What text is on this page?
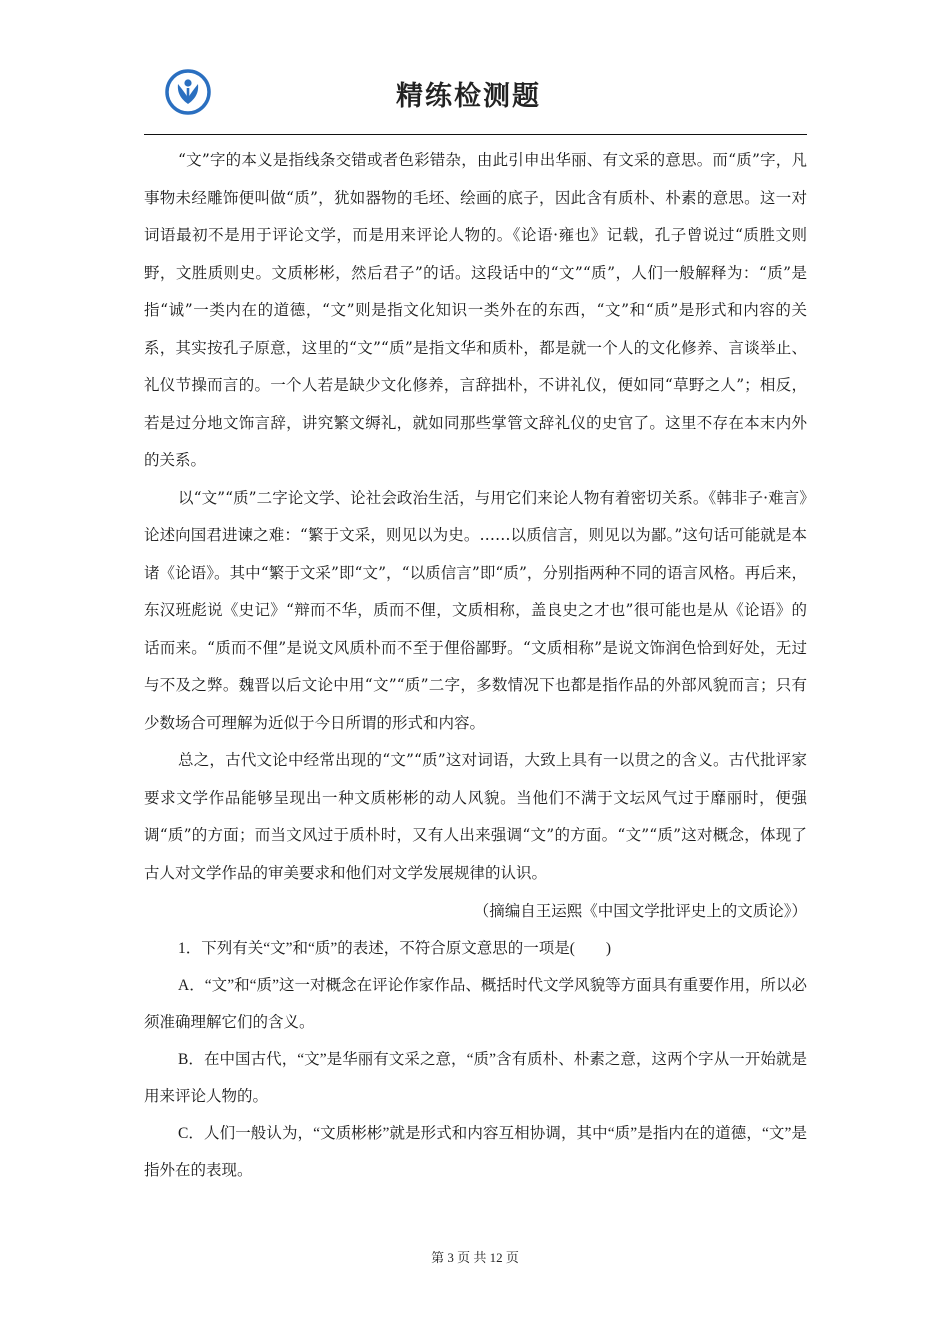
精练检测题

“文”字的本义是指线条交错或者色彩错杂，由此引申出华丽、有文采的意思。而“质”字，凡事物未经雕饰便叫做“质”，犹如器物的毛坯、绘画的底子，因此含有质朴、朴素的意思。这一对词语最初不是用于评论文学，而是用来评论人物的。《论语·雍也》记载，孔子曾说过“质胜文则野，文胜质则史。文质彬彬，然后君子”的话。这段话中的“文”“质”，人们一般解释为：“质”是指“诚”一类内在的道德，“文”则是指文化知识一类外在的东西，“文”和“质”是形式和内容的关系，其实按孔子原意，这里的“文”“质”是指文华和质朴，都是就一个人的文化修养、言谈举止、礼仪节操而言的。一个人若是缺少文化修养，言辞拙朴，不讲礼仪，便如同“草野之人”；相反，若是过分地文饰言辞，讲究繁文缛礼，就如同那些掌管文辞礼仪的史官了。这里不存在本末内外的关系。

以“文”“质”二字论文学、论社会政治生活，与用它们来论人物有着密切关系。《韩非子·难言》论述向国君进谏之难：“繁于文采，则见以为史。……以质信言，则见以为鄙。”这句话可能就是本诸《论语》。其中“繁于文采”即“文”，“以质信言”即“质”，分别指两种不同的语言风格。再后来，东汉班彪说《史记》“辩而不华，质而不俚，文质相称，盖良史之才也”很可能也是从《论语》的话而来。“质而不俚”是说文风质朴而不至于俚俗鄙野。“文质相称”是说文饰润色恰到好处，无过与不及之弊。魏晋以后文论中用“文”“质”二字，多数情况下也都是指作品的外部风貌而言；只有少数场合可理解为近似于今日所谓的形式和内容。

总之，古代文论中经常出现的“文”“质”这对词语，大致上具有一以贯之的含义。古代批评家要求文学作品能够呈现出一种文质彬彬的动人风貌。当他们不满于文坛风气过于靡丽时，便强调“质”的方面；而当文风过于质朴时，又有人出来强调“文”的方面。“文”“质”这对概念，体现了古人对文学作品的审美要求和他们对文学发展规律的认识。

（摘编自王运熙《中国文学批评史上的文质论》）

1．下列有关“文”和“质”的表述，不符合原文意思的一项是(　　)

A．“文”和“质”这一对概念在评论作家作品、概括时代文学风貌等方面具有重要作用，所以必须准确理解它们的含义。

B．在中国古代，“文”是华丽有文采之意，“质”含有质朴、朴素之意，这两个字从一开始就是用来评论人物的。

C．人们一般认为，“文质彬彬”就是形式和内容互相协调，其中“质”是指内在的道德，“文”是指外在的表现。

第 3 页 共 12 页
